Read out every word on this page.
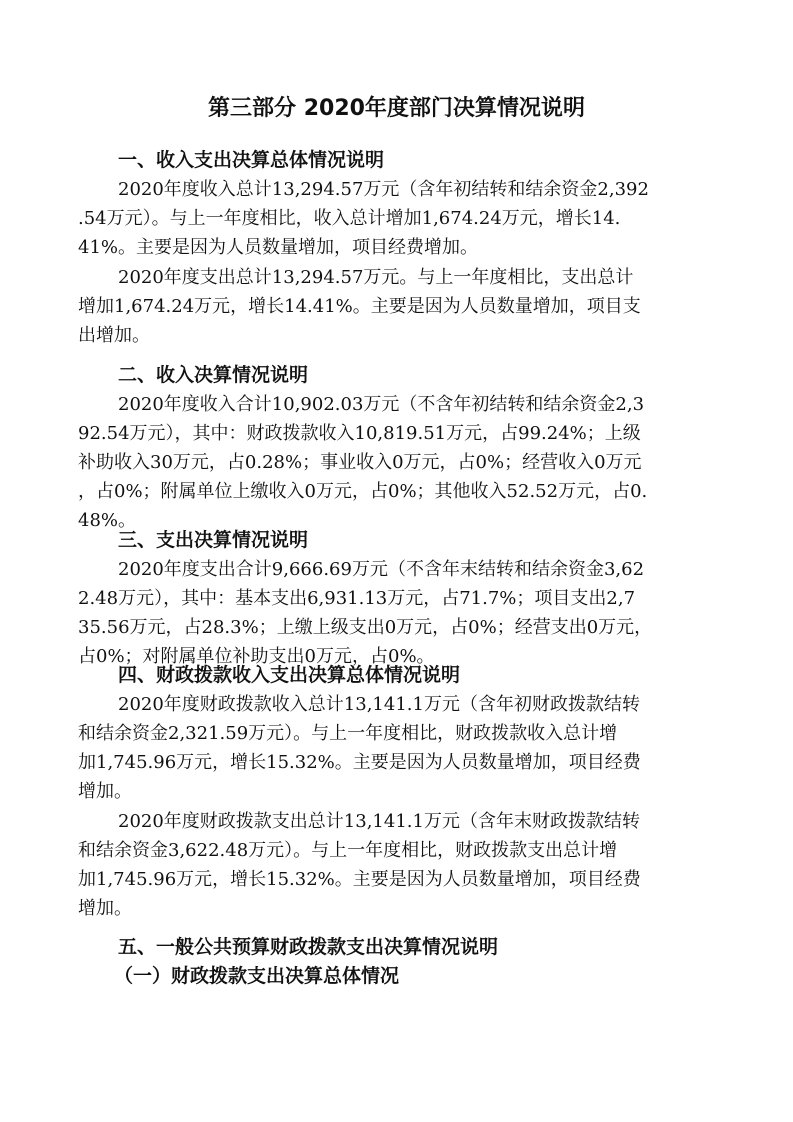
第三部分 2020年度部门决算情况说明
一、收入支出决算总体情况说明
2020年度收入总计13,294.57万元（含年初结转和结余资金2,392
.54万元）。与上一年度相比，收入总计增加1,674.24万元，增长14.
41%。主要是因为人员数量增加，项目经费增加。
2020年度支出总计13,294.57万元。与上一年度相比，支出总计
增加1,674.24万元，增长14.41%。主要是因为人员数量增加，项目支
出增加。
二、收入决算情况说明
2020年度收入合计10,902.03万元（不含年初结转和结余资金2,3
92.54万元），其中：财政拨款收入10,819.51万元，占99.24%；上级
补助收入30万元，占0.28%；事业收入0万元，占0%；经营收入0万元
，占0%；附属单位上缴收入0万元，占0%；其他收入52.52万元，占0.
48%。
三、支出决算情况说明
2020年度支出合计9,666.69万元（不含年末结转和结余资金3,62
2.48万元），其中：基本支出6,931.13万元，占71.7%；项目支出2,7
35.56万元，占28.3%；上缴上级支出0万元，占0%；经营支出0万元，
占0%；对附属单位补助支出0万元，占0%。
四、财政拨款收入支出决算总体情况说明
2020年度财政拨款收入总计13,141.1万元（含年初财政拨款结转
和结余资金2,321.59万元）。与上一年度相比，财政拨款收入总计增
加1,745.96万元，增长15.32%。主要是因为人员数量增加，项目经费
增加。
2020年度财政拨款支出总计13,141.1万元（含年末财政拨款结转
和结余资金3,622.48万元）。与上一年度相比，财政拨款支出总计增
加1,745.96万元，增长15.32%。主要是因为人员数量增加，项目经费
增加。
五、一般公共预算财政拨款支出决算情况说明
（一）财政拨款支出决算总体情况
